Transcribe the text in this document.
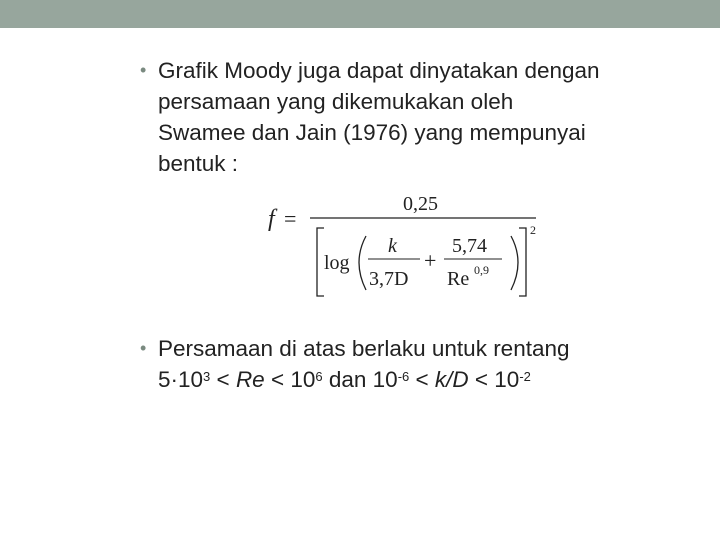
• Grafik Moody juga dapat dinyatakan dengan
persamaan yang dikemukakan oleh
Swamee dan Jain (1976) yang mempunyai
bentuk :
f =
0,25
2
log
k
3,7D
+
5,74
Re 0,9
• Persamaan di atas berlaku untuk rentang
$5\cdot 10^3 < Re < 10^6$ dan $10^{-6} < k/D < 10^{-2}$
